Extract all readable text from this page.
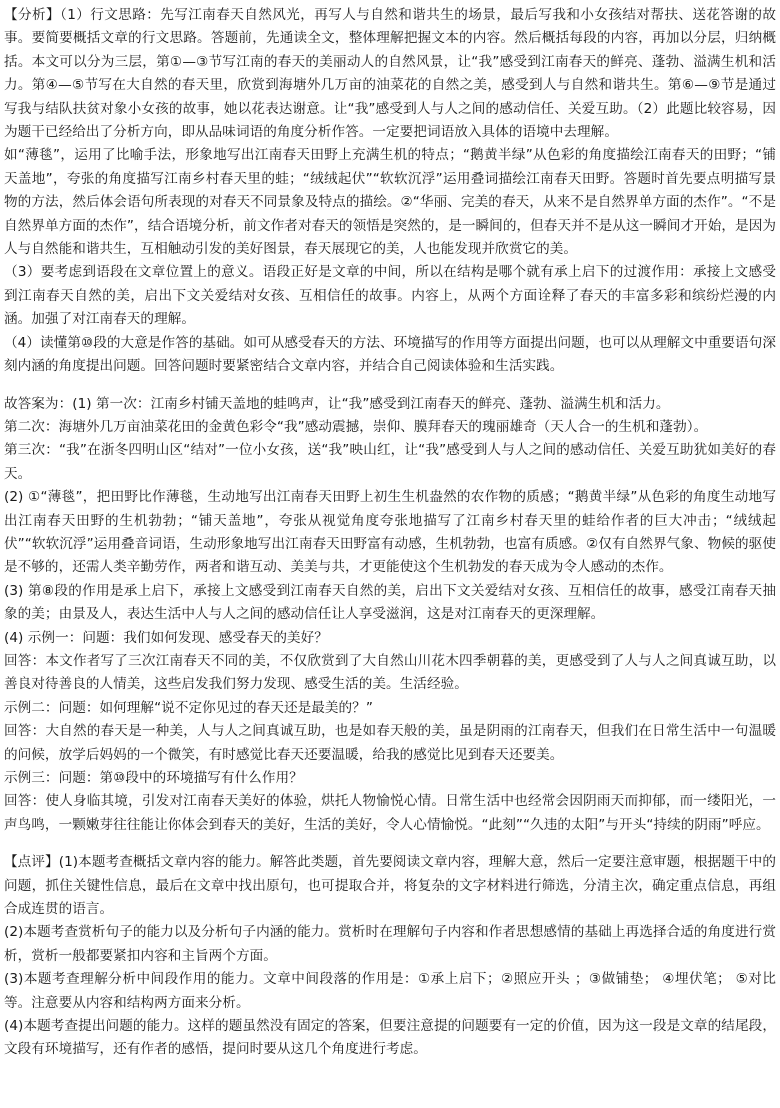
【分析】（1）行文思路：先写江南春天自然风光，再写人与自然和谐共生的场景，最后写我和小女孩结对帮扶、送花答谢的故事。要简要概括文章的行文思路。答题前，先通读全文，整体理解把握文本的内容。然后概括每段的内容，再加以分层，归纳概括。本文可以分为三层，第①—③节写江南的春天的美丽动人的自然风景，让“我”感受到江南春天的鲜亮、蓬勃、溢满生机和活力。第④—⑤节写在大自然的春天里，欣赏到海塘外几万亩的油菜花的自然之美，感受到人与自然和谐共生。第⑥—⑨节是通过写我与结队扶贫对象小女孩的故事，她以花表达谢意。让“我”感受到人与人之间的感动信任、关爱互助。（2）此题比较容易，因为题干已经给出了分析方向，即从品味词语的角度分析作答。一定要把词语放入具体的语境中去理解。

如“薄毯”，运用了比喻手法，形象地写出江南春天田野上充满生机的特点；“鹅黄半绿”从色彩的角度描绘江南春天的田野；“铺天盖地”，夸张的角度描写江南乡村春天里的蛙；“绒绒起伏”“软软沉浮”运用叠词描绘江南春天田野。答题时首先要点明描写景物的方法，然后体会语句所表现的对春天不同景象及特点的描绘。②“华丽、完美的春天，从来不是自然界单方面的杰作”。“不是自然界单方面的杰作”，结合语境分析，前文作者对春天的领悟是突然的，是一瞬间的，但春天并不是从这一瞬间才开始，是因为人与自然能和谐共生，互相触动引发的美好图景，春天展现它的美，人也能发现并欣赏它的美。

（3）要考虑到语段在文章位置上的意义。语段正好是文章的中间，所以在结构是哪个就有承上启下的过渡作用：承接上文感受到江南春天自然的美，启出下文关爱结对女孩、互相信任的故事。内容上，从两个方面诠释了春天的丰富多彩和缤纷烂漫的内涵。加强了对江南春天的理解。

（4）读懂第⑩段的大意是作答的基础。如可从感受春天的方法、环境描写的作用等方面提出问题，也可以从理解文中重要语句深刻内涵的角度提出问题。回答问题时要紧密结合文章内容，并结合自己阅读体验和生活实践。

故答案为：(1) 第一次：江南乡村铺天盖地的蛙鸣声，让“我”感受到江南春天的鲜亮、蓬勃、溢满生机和活力。

第二次：海塘外几万亩油菜花田的金黄色彩令“我”感动震撼，崇仰、膜拜春天的瑰丽雄奇（天人合一的生机和蓬勃）。

第三次：“我”在浙冬四明山区“结对”一位小女孩，送“我”映山红，让“我”感受到人与人之间的感动信任、关爱互助犹如美好的春天。

(2) ①“薄毯”，把田野比作薄毯，生动地写出江南春天田野上初生生机盎然的农作物的质感；“鹅黄半绿”从色彩的角度生动地写出江南春天田野的生机勃勃；“铺天盖地”，夸张从视觉角度夸张地描写了江南乡村春天里的蛙给作者的巨大冲击；“绒绒起伏”“软软沉浮”运用叠音词语，生动形象地写出江南春天田野富有动感，生机勃勃，也富有质感。②仅有自然界气象、物候的驱使是不够的，还需人类辛勤劳作，两者和谐互动、美美与共，才更能使这个生机勃发的春天成为令人感动的杰作。

(3) 第⑧段的作用是承上启下，承接上文感受到江南春天自然的美，启出下文关爱结对女孩、互相信任的故事，感受江南春天抽象的美；由景及人，表达生活中人与人之间的感动信任让人享受滋润，这是对江南春天的更深理解。

(4) 示例一：问题：我们如何发现、感受春天的美好？

回答：本文作者写了三次江南春天不同的美，不仅欣赏到了大自然山川花木四季朝暮的美，更感受到了人与人之间真诚互助，以善良对待善良的人情美，这些启发我们努力发现、感受生活的美。生活经验。

示例二：问题：如何理解“说不定你见过的春天还是最美的？”

回答：大自然的春天是一种美，人与人之间真诚互助，也是如春天般的美，虽是阴雨的江南春天，但我们在日常生活中一句温暖的问候，放学后妈妈的一个微笑，有时感觉比春天还要温暖，给我的感觉比见到春天还要美。

示例三：问题：第⑩段中的环境描写有什么作用？

回答：使人身临其境，引发对江南春天美好的体验，烘托人物愉悦心情。日常生活中也经常会因阴雨天而抑郁，而一缕阳光，一声鸟鸣，一颗嫩芽往往能让你体会到春天的美好，生活的美好，令人心情愉悦。“此刻”“久违的太阳”与开头“持续的阴雨”呼应。

【点评】(1)本题考查概括文章内容的能力。解答此类题，首先要阅读文章内容，理解大意，然后一定要注意审题，根据题干中的问题，抓住关键性信息，最后在文章中找出原句，也可提取合并，将复杂的文字材料进行筛选，分清主次，确定重点信息，再组合成连贯的语言。

(2)本题考查赏析句子的能力以及分析句子内涵的能力。赏析时在理解句子内容和作者思想感情的基础上再选择合适的角度进行赏析，赏析一般都要紧扣内容和主旨两个方面。

(3)本题考查理解分析中间段作用的能力。文章中间段落的作用是：①承上启下；②照应开头 ；③做铺垫； ④埋伏笔； ⑤对比等。注意要从内容和结构两方面来分析。

(4)本题考查提出问题的能力。这样的题虽然没有固定的答案，但要注意提的问题要有一定的价值，因为这一段是文章的结尾段，文段有环境描写，还有作者的感悟，提问时要从这几个角度进行考虑。
